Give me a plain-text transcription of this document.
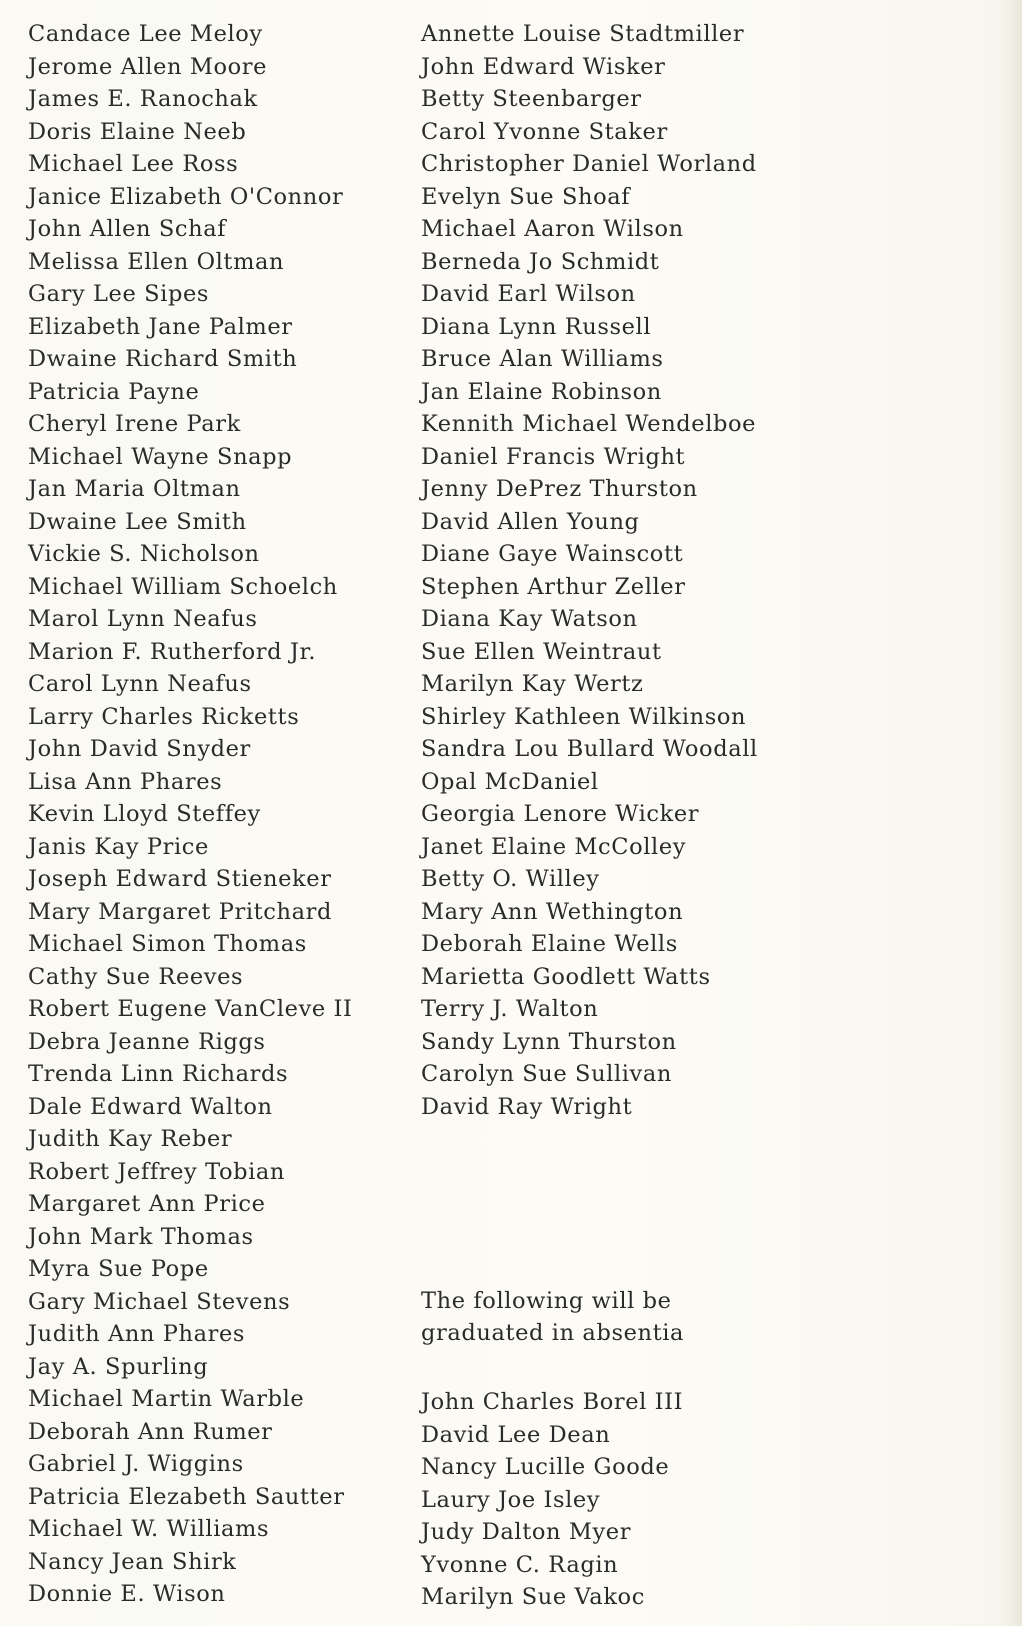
Candace Lee Meloy
Jerome Allen Moore
James E. Ranochak
Doris Elaine Neeb
Michael Lee Ross
Janice Elizabeth O'Connor
John Allen Schaf
Melissa Ellen Oltman
Gary Lee Sipes
Elizabeth Jane Palmer
Dwaine Richard Smith
Patricia Payne
Cheryl Irene Park
Michael Wayne Snapp
Jan Maria Oltman
Dwaine Lee Smith
Vickie S. Nicholson
Michael William Schoelch
Marol Lynn Neafus
Marion F. Rutherford Jr.
Carol Lynn Neafus
Larry Charles Ricketts
John David Snyder
Lisa Ann Phares
Kevin Lloyd Steffey
Janis Kay Price
Joseph Edward Stieneker
Mary Margaret Pritchard
Michael Simon Thomas
Cathy Sue Reeves
Robert Eugene VanCleve II
Debra Jeanne Riggs
Trenda Linn Richards
Dale Edward Walton
Judith Kay Reber
Robert Jeffrey Tobian
Margaret Ann Price
John Mark Thomas
Myra Sue Pope
Gary Michael Stevens
Judith Ann Phares
Jay A. Spurling
Michael Martin Warble
Deborah Ann Rumer
Gabriel J. Wiggins
Patricia Elezabeth Sautter
Michael W. Williams
Nancy Jean Shirk
Donnie E. Wison
Annette Louise Stadtmiller
John Edward Wisker
Betty Steenbarger
Carol Yvonne Staker
Christopher Daniel Worland
Evelyn Sue Shoaf
Michael Aaron Wilson
Berneda Jo Schmidt
David Earl Wilson
Diana Lynn Russell
Bruce Alan Williams
Jan Elaine Robinson
Kennith Michael Wendelboe
Daniel Francis Wright
Jenny DePrez Thurston
David Allen Young
Diane Gaye Wainscott
Stephen Arthur Zeller
Diana Kay Watson
Sue Ellen Weintraut
Marilyn Kay Wertz
Shirley Kathleen Wilkinson
Sandra Lou Bullard Woodall
Opal McDaniel
Georgia Lenore Wicker
Janet Elaine McColley
Betty O. Willey
Mary Ann Wethington
Deborah Elaine Wells
Marietta Goodlett Watts
Terry J. Walton
Sandy Lynn Thurston
Carolyn Sue Sullivan
David Ray Wright

The following will be
graduated in absentia

John Charles Borel III
David Lee Dean
Nancy Lucille Goode
Laury Joe Isley
Judy Dalton Myer
Yvonne C. Ragin
Marilyn Sue Vakoc
